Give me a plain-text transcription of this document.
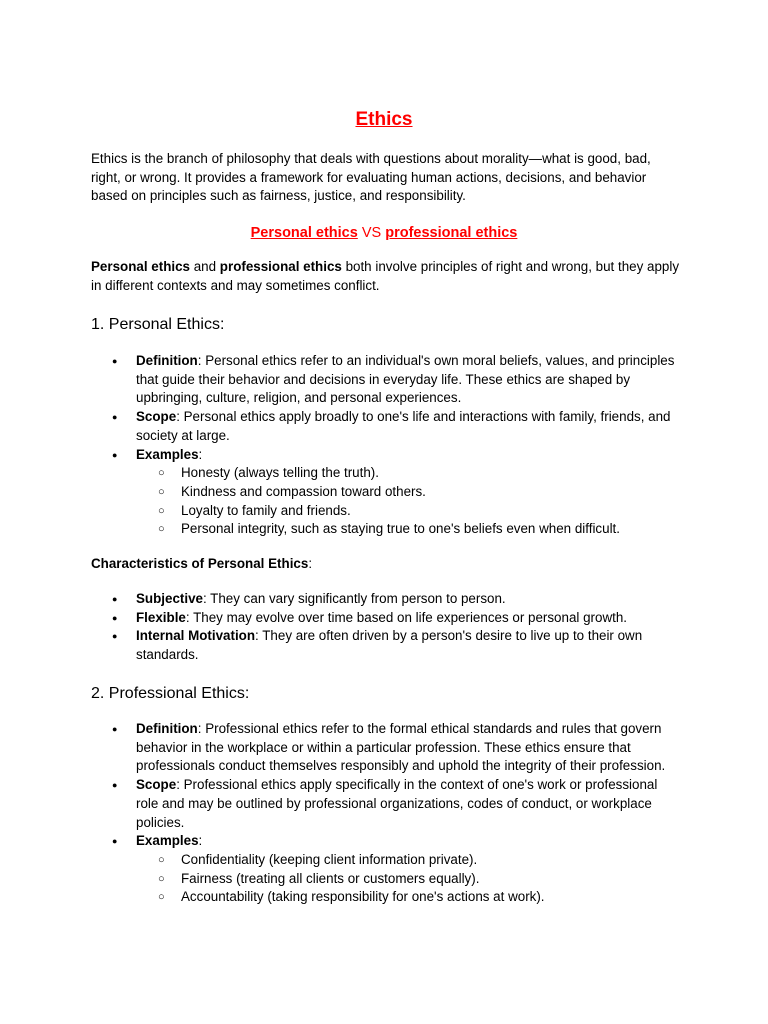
Ethics

Ethics is the branch of philosophy that deals with questions about morality—what is good, bad, right, or wrong. It provides a framework for evaluating human actions, decisions, and behavior based on principles such as fairness, justice, and responsibility.

Personal ethics VS professional ethics

Personal ethics and professional ethics both involve principles of right and wrong, but they apply in different contexts and may sometimes conflict.

1. Personal Ethics:
● Definition: Personal ethics refer to an individual's own moral beliefs, values, and principles that guide their behavior and decisions in everyday life. These ethics are shaped by upbringing, culture, religion, and personal experiences.
● Scope: Personal ethics apply broadly to one's life and interactions with family, friends, and society at large.
● Examples:
○ Honesty (always telling the truth).
○ Kindness and compassion toward others.
○ Loyalty to family and friends.
○ Personal integrity, such as staying true to one's beliefs even when difficult.

Characteristics of Personal Ethics:

● Subjective: They can vary significantly from person to person.
● Flexible: They may evolve over time based on life experiences or personal growth.
● Internal Motivation: They are often driven by a person's desire to live up to their own standards.
2. Professional Ethics:
● Definition: Professional ethics refer to the formal ethical standards and rules that govern behavior in the workplace or within a particular profession. These ethics ensure that professionals conduct themselves responsibly and uphold the integrity of their profession.
● Scope: Professional ethics apply specifically in the context of one's work or professional role and may be outlined by professional organizations, codes of conduct, or workplace policies.
● Examples:
○ Confidentiality (keeping client information private).
○ Fairness (treating all clients or customers equally).
○ Accountability (taking responsibility for one's actions at work).
